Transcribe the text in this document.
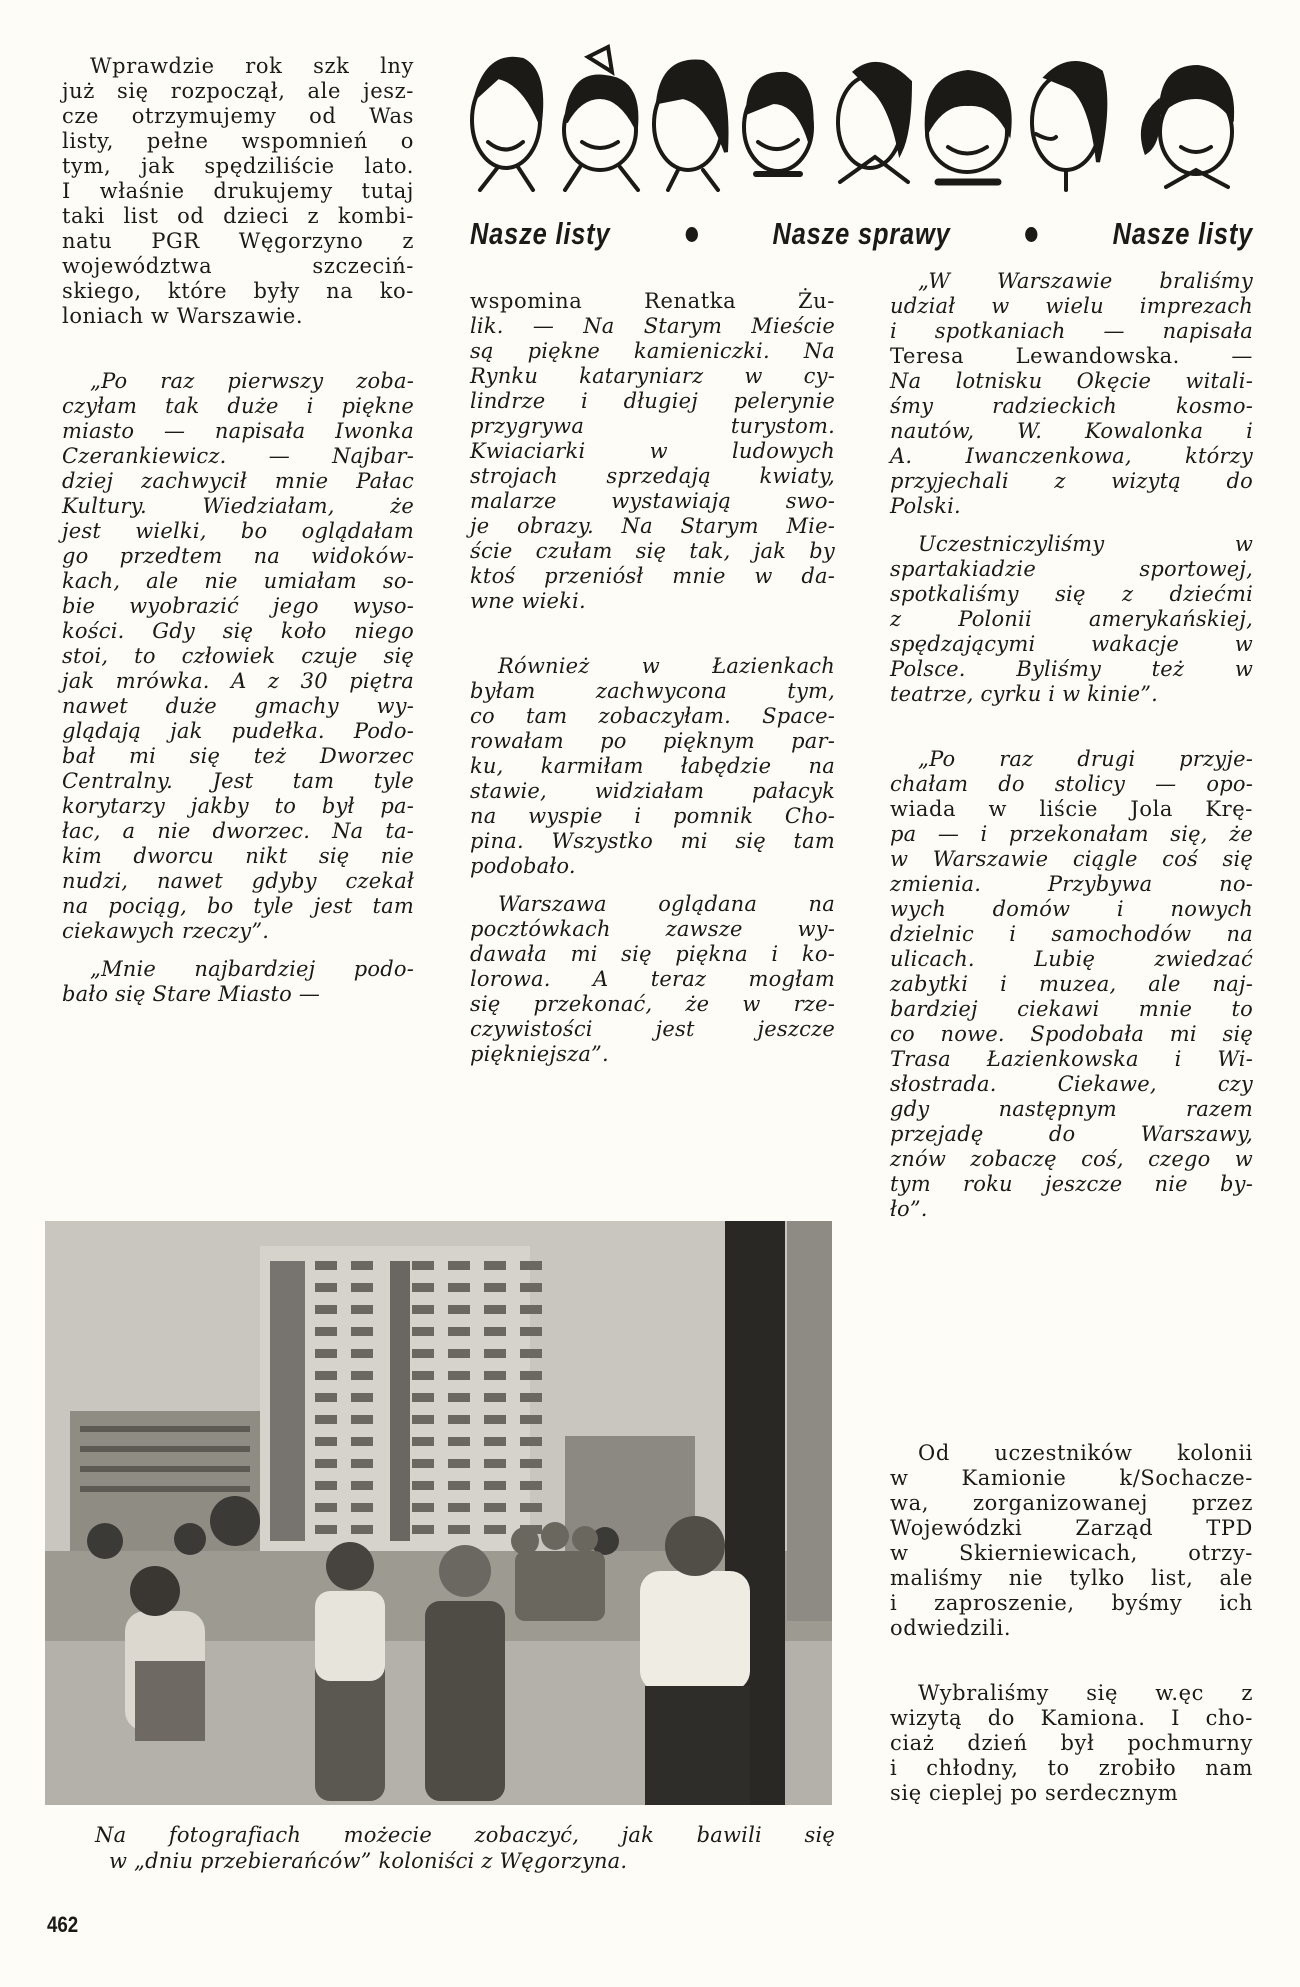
Nasze listy	Nasze sprawy	Nasze listy
Wprawdzie rok szk lny
już się rozpoczął, ale jesz-
cze otrzymujemy od Was
listy, pełne wspomnień o
tym, jak spędziliście lato.
I właśnie drukujemy tutaj
taki list od dzieci z kombi-
natu PGR Węgorzyno z
województwa szczeciń-
skiego, które były na ko-
loniach w Warszawie.
„Po raz pierwszy zoba-
czyłam tak duże i piękne
miasto — napisała Iwonka
Czerankiewicz. — Najbar-
dziej zachwycił mnie Pałac
Kultury. Wiedziałam, że
jest wielki, bo oglądałam
go przedtem na widoków-
kach, ale nie umiałam so-
bie wyobrazić jego wyso-
kości. Gdy się koło niego
stoi, to człowiek czuje się
jak mrówka. A z 30 piętra
nawet duże gmachy wy-
glądają jak pudełka. Podo-
bał mi się też Dworzec
Centralny. Jest tam tyle
korytarzy jakby to był pa-
łac, a nie dworzec. Na ta-
kim dworcu nikt się nie
nudzi, nawet gdyby czekał
na pociąg, bo tyle jest tam
ciekawych rzeczy”.
„Mnie najbardziej podo-
bało się Stare Miasto —
wspomina Renatka Żu-
lik. — Na Starym Mieście
są piękne kamieniczki. Na
Rynku kataryniarz w cy-
lindrze i długiej pelerynie
przygrywa turystom.
Kwiaciarki w ludowych
strojach sprzedają kwiaty,
malarze wystawiają swo-
je obrazy. Na Starym Mie-
ście czułam się tak, jak by
ktoś przeniósł mnie w da-
wne wieki.
Również w Łazienkach
byłam zachwycona tym,
co tam zobaczyłam. Space-
rowałam po pięknym par-
ku, karmiłam łabędzie na
stawie, widziałam pałacyk
na wyspie i pomnik Cho-
pina. Wszystko mi się tam
podobało.
Warszawa oglądana na
pocztówkach zawsze wy-
dawała mi się piękna i ko-
lorowa. A teraz mogłam
się przekonać, że w rze-
czywistości jest jeszcze
piękniejsza”.
„W Warszawie braliśmy
udział w wielu imprezach
i spotkaniach — napisała
Teresa Lewandowska. —
Na lotnisku Okęcie witali-
śmy radzieckich kosmo-
nautów, W. Kowalonka i
A. Iwanczenkowa, którzy
przyjechali z wizytą do
Polski.
Uczestniczyliśmy w
spartakiadzie sportowej,
spotkaliśmy się z dziećmi
z Polonii amerykańskiej,
spędzającymi wakacje w
Polsce. Byliśmy też w
teatrze, cyrku i w kinie”.
„Po raz drugi przyje-
chałam do stolicy — opo-
wiada w liście Jola Krę-
pa — i przekonałam się, że
w Warszawie ciągle coś się
zmienia. Przybywa no-
wych domów i nowych
dzielnic i samochodów na
ulicach. Lubię zwiedzać
zabytki i muzea, ale naj-
bardziej ciekawi mnie to
co nowe. Spodobała mi się
Trasa Łazienkowska i Wi-
słostrada. Ciekawe, czy
gdy następnym razem
przejadę do Warszawy,
znów zobaczę coś, czego w
tym roku jeszcze nie by-
ło”.
Na fotografiach możecie zobaczyć, jak bawili się
w „dniu przebierańców” koloniści z Węgorzyna.
462
Od uczestników kolonii
w Kamionie k/Sochacze-
wa, zorganizowanej przez
Wojewódzki Zarząd TPD
w Skierniewicach, otrzy-
maliśmy nie tylko list, ale
i zaproszenie, byśmy ich
odwiedzili.
Wybraliśmy się w.ęc z
wizytą do Kamiona. I cho-
ciaż dzień był pochmurny
i chłodny, to zrobiło nam
się cieplej po serdecznym
